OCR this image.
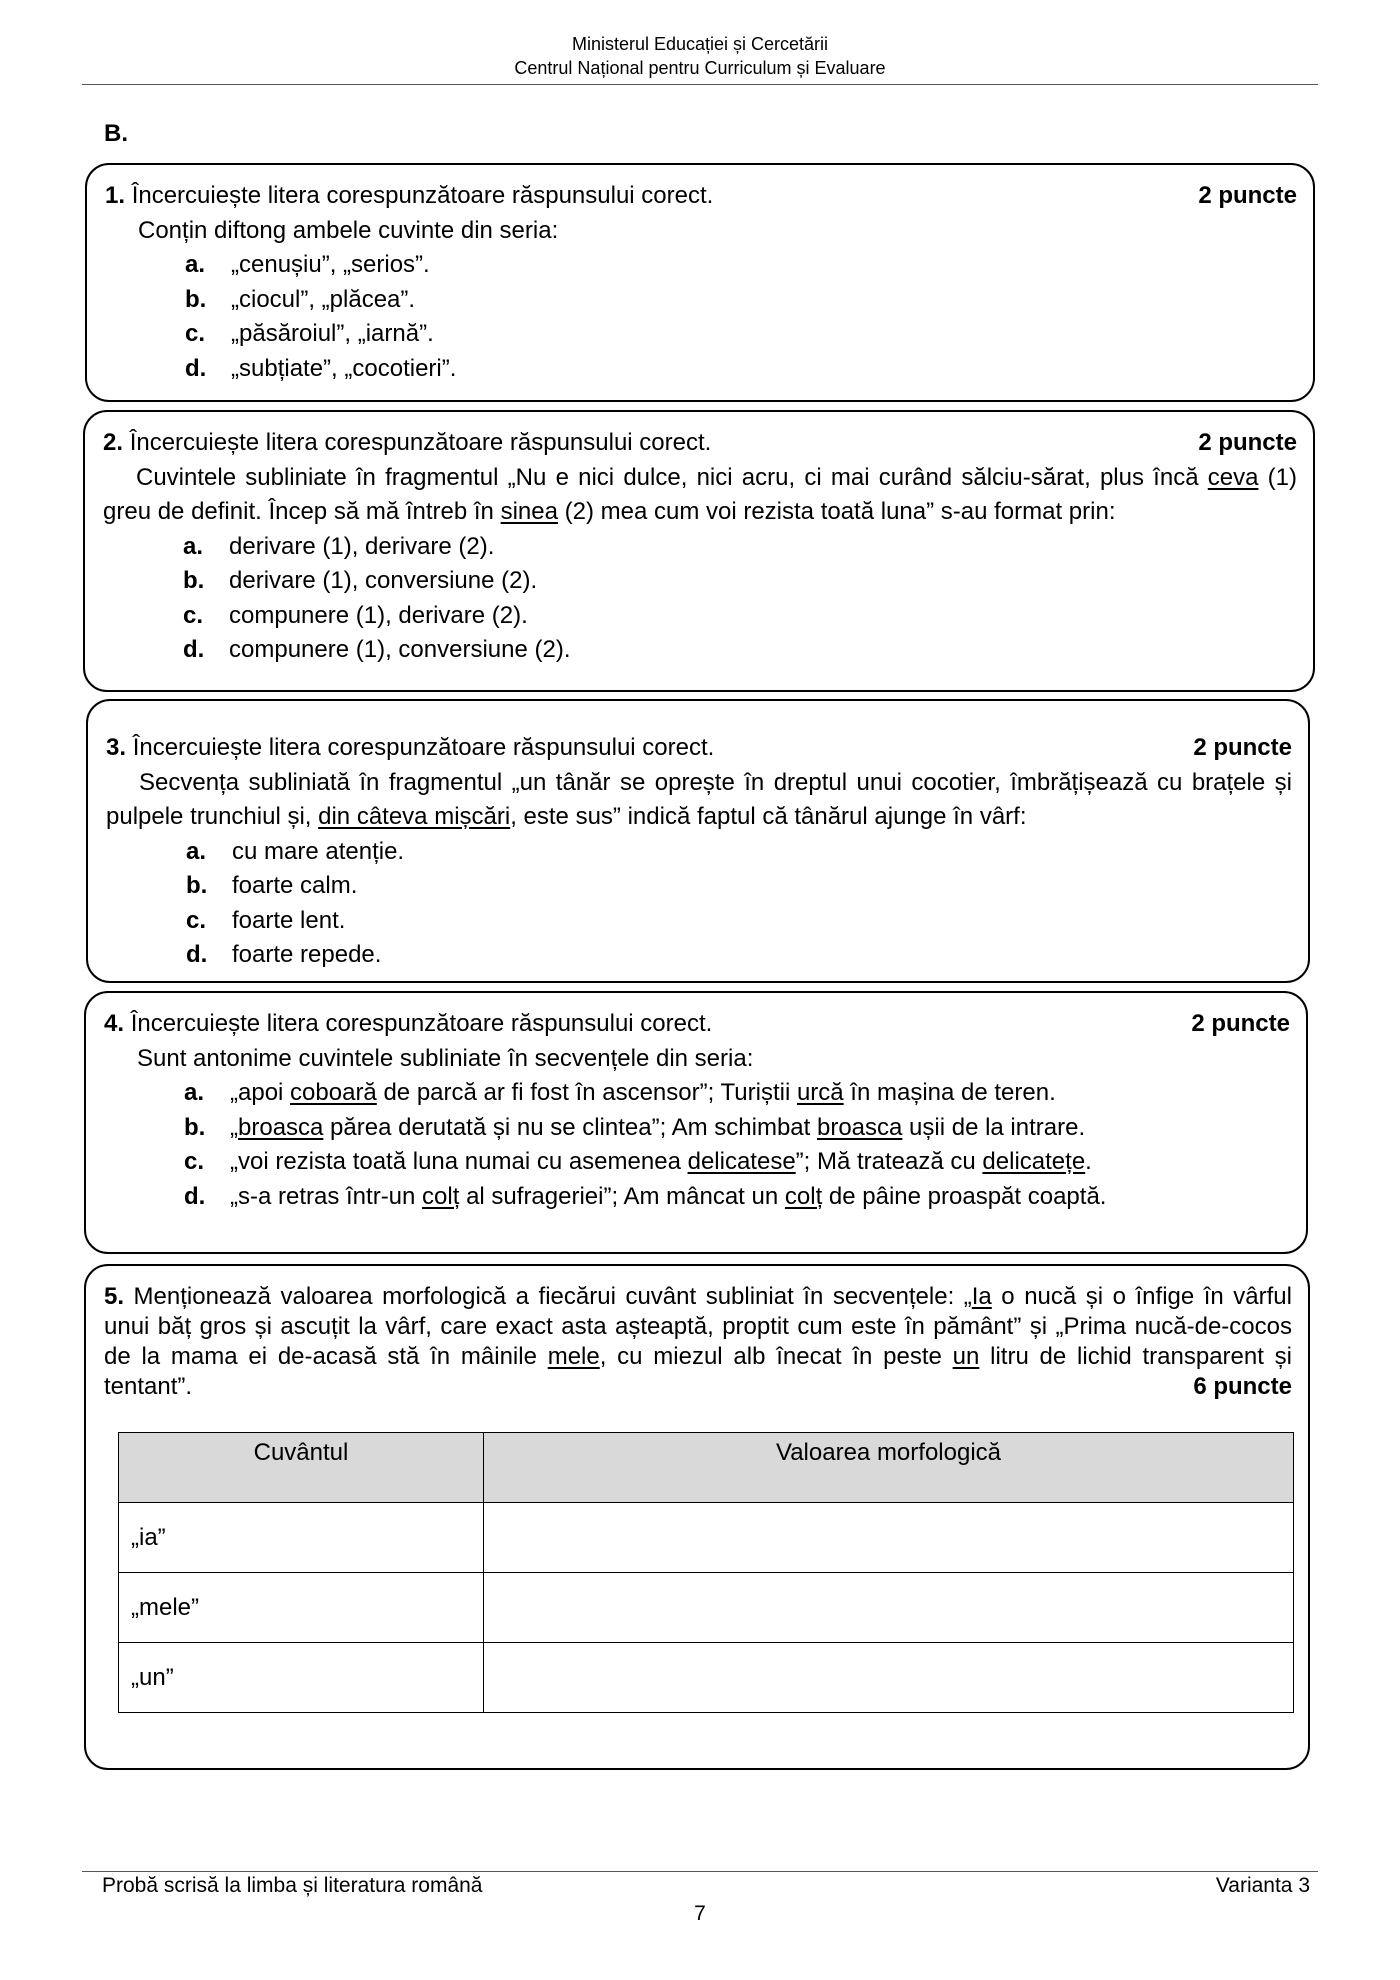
Ministerul Educației și Cercetării
Centrul Național pentru Curriculum și Evaluare
B.
1. Încercuiește litera corespunzătoare răspunsului corect.	2 puncte
Conțin diftong ambele cuvinte din seria:
a. „cenușiu”, „serios”.
b. „ciocul”, „plăcea”.
c. „păsăroiul”, „iarnă”.
d. „subțiate”, „cocotieri”.
2. Încercuiește litera corespunzătoare răspunsului corect.	2 puncte
Cuvintele subliniate în fragmentul „Nu e nici dulce, nici acru, ci mai curând sălciu-sărat, plus încă ceva (1) greu de definit. Încep să mă întreb în sinea (2) mea cum voi rezista toată luna” s-au format prin:
a. derivare (1), derivare (2).
b. derivare (1), conversiune (2).
c. compunere (1), derivare (2).
d. compunere (1), conversiune (2).
3. Încercuiește litera corespunzătoare răspunsului corect.	2 puncte
Secvența subliniată în fragmentul „un tânăr se oprește în dreptul unui cocotier, îmbrățișează cu brațele și pulpele trunchiul și, din câteva mișcări, este sus” indică faptul că tânărul ajunge în vârf:
a. cu mare atenție.
b. foarte calm.
c. foarte lent.
d. foarte repede.
4. Încercuiește litera corespunzătoare răspunsului corect.	2 puncte
Sunt antonime cuvintele subliniate în secvențele din seria:
a. „apoi coboară de parcă ar fi fost în ascensor”; Turiștii urcă în mașina de teren.
b. „broasca părea derutată și nu se clintea”; Am schimbat broasca ușii de la intrare.
c. „voi rezista toată luna numai cu asemenea delicatese”; Mă tratează cu delicatețe.
d. „s-a retras într-un colț al sufrageriei”; Am mâncat un colț de pâine proaspăt coaptă.
5. Menționează valoarea morfologică a fiecărui cuvânt subliniat în secvențele: „Ia o nucă și o înfige în vârful unui băț gros și ascuțit la vârf, care exact asta așteaptă, proptit cum este în pământ” și „Prima nucă-de-cocos de la mama ei de-acasă stă în mâinile mele, cu miezul alb înecat în peste un litru de lichid transparent și tentant”.	6 puncte
Cuvântul	Valoarea morfologică
„ia”	
„mele”	
„un”	
Probă scrisă la limba și literatura română	Varianta 3
7
